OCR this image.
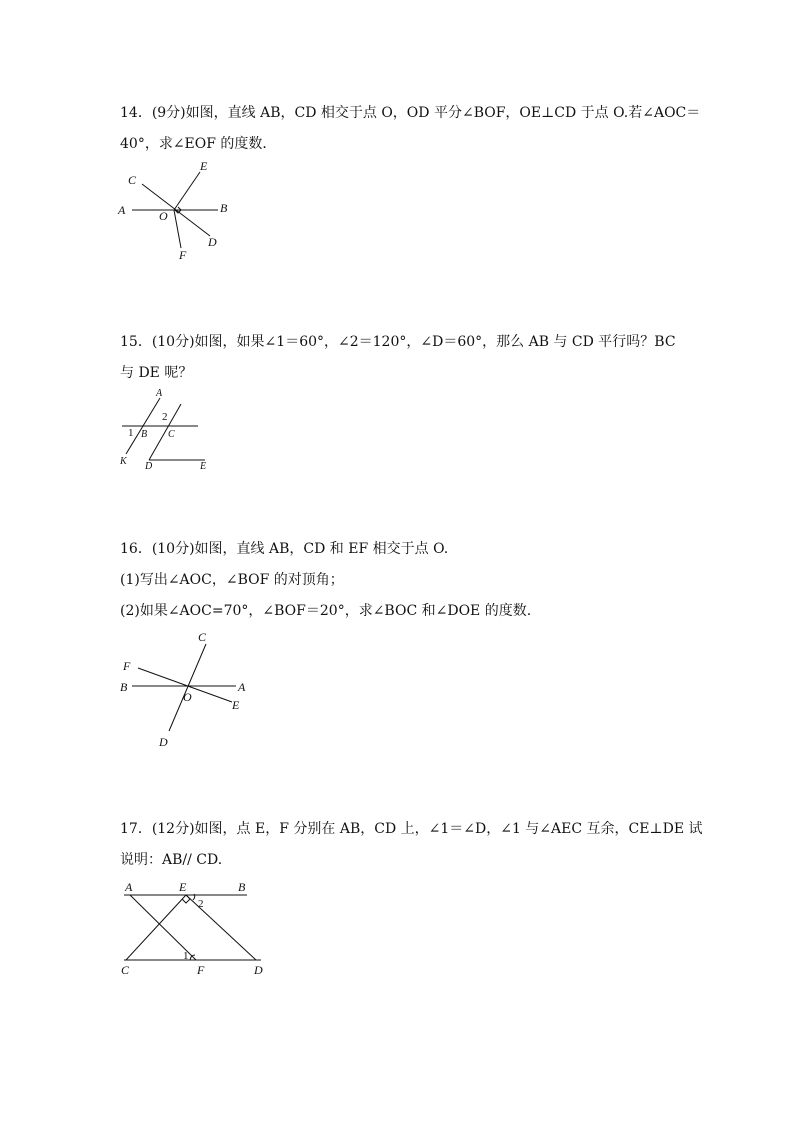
14．(9分)如图，直线 AB，CD 相交于点 O，OD 平分∠BOF，OE⊥CD 于点 O.若∠AOC＝
40°，求∠EOF 的度数．
A	B
C
D
E
F
O
A
B C
D	E
K
1
2
A
B
C
D
E
F
O
A	B
C	D
E
F
1
2
15．(10分)如图，如果∠1＝60°，∠2＝120°，∠D＝60°，那么 AB 与 CD 平行吗？BC
与 DE 呢？
16．(10分)如图，直线 AB，CD 和 EF 相交于点 O.
(1)写出∠AOC，∠BOF 的对顶角；
(2)如果∠AOC=70°，∠BOF＝20°，求∠BOC 和∠DOE 的度数.
17．(12分)如图，点 E，F 分别在 AB，CD 上，∠1＝∠D，∠1 与∠AEC 互余，CE⊥DE 试
说明：AB// CD.
